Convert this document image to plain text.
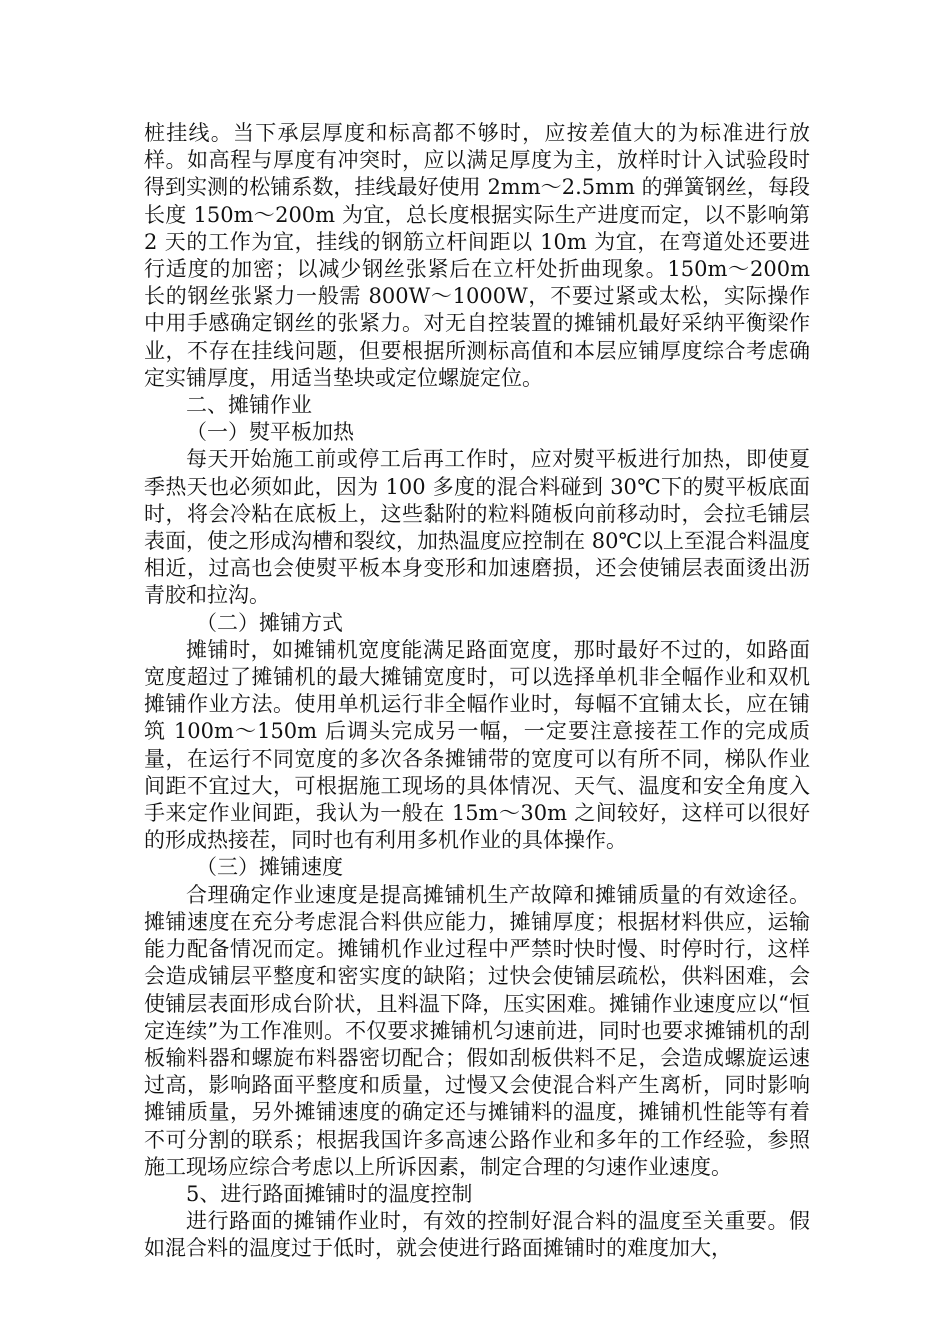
桩挂线。当下承层厚度和标高都不够时，应按差值大的为标准进行放样。如高程与厚度有冲突时，应以满足厚度为主，放样时计入试验段时得到实测的松铺系数，挂线最好使用 2mm～2.5mm 的弹簧钢丝，每段长度 150m～200m 为宜，总长度根据实际生产进度而定，以不影响第 2 天的工作为宜，挂线的钢筋立杆间距以 10m 为宜，在弯道处还要进行适度的加密；以减少钢丝张紧后在立杆处折曲现象。150m～200m 长的钢丝张紧力一般需 800W～1000W，不要过紧或太松，实际操作中用手感确定钢丝的张紧力。对无自控装置的摊铺机最好采纳平衡梁作业，不存在挂线问题，但要根据所测标高值和本层应铺厚度综合考虑确定实铺厚度，用适当垫块或定位螺旋定位。

二、摊铺作业

（一）熨平板加热

每天开始施工前或停工后再工作时，应对熨平板进行加热，即使夏季热天也必须如此，因为 100 多度的混合料碰到 30℃下的熨平板底面时，将会冷粘在底板上，这些黏附的粒料随板向前移动时，会拉毛铺层表面，使之形成沟槽和裂纹，加热温度应控制在 80℃以上至混合料温度相近，过高也会使熨平板本身变形和加速磨损，还会使铺层表面烫出沥青胶和拉沟。

（二）摊铺方式

摊铺时，如摊铺机宽度能满足路面宽度，那时最好不过的，如路面宽度超过了摊铺机的最大摊铺宽度时，可以选择单机非全幅作业和双机摊铺作业方法。使用单机运行非全幅作业时，每幅不宜铺太长，应在铺筑 100m～150m 后调头完成另一幅，一定要注意接茬工作的完成质量，在运行不同宽度的多次各条摊铺带的宽度可以有所不同，梯队作业间距不宜过大，可根据施工现场的具体情况、天气、温度和安全角度入手来定作业间距，我认为一般在 15m～30m 之间较好，这样可以很好的形成热接茬，同时也有利用多机作业的具体操作。

（三）摊铺速度

合理确定作业速度是提高摊铺机生产故障和摊铺质量的有效途径。摊铺速度在充分考虑混合料供应能力，摊铺厚度；根据材料供应，运输能力配备情况而定。摊铺机作业过程中严禁时快时慢、时停时行，这样会造成铺层平整度和密实度的缺陷；过快会使铺层疏松，供料困难，会使铺层表面形成台阶状，且料温下降，压实困难。摊铺作业速度应以“恒定连续”为工作准则。不仅要求摊铺机匀速前进，同时也要求摊铺机的刮板输料器和螺旋布料器密切配合；假如刮板供料不足，会造成螺旋运速过高，影响路面平整度和质量，过慢又会使混合料产生离析，同时影响摊铺质量，另外摊铺速度的确定还与摊铺料的温度，摊铺机性能等有着不可分割的联系；根据我国许多高速公路作业和多年的工作经验，参照施工现场应综合考虑以上所诉因素，制定合理的匀速作业速度。

5、进行路面摊铺时的温度控制

进行路面的摊铺作业时，有效的控制好混合料的温度至关重要。假如混合料的温度过于低时，就会使进行路面摊铺时的难度加大，
